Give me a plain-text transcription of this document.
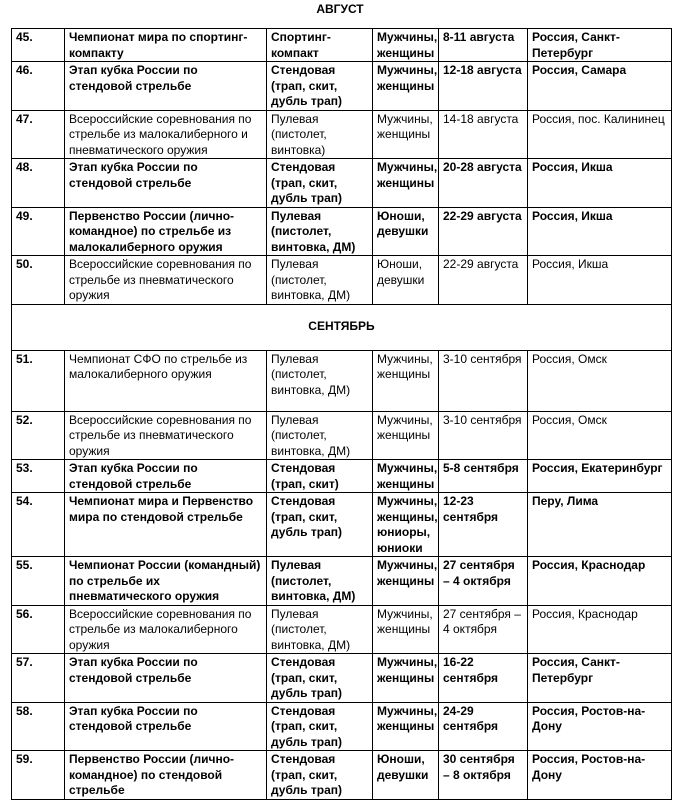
АВГУСТ
45.	Чемпионат мира по спортинг-компакту	Спортинг-компакт	Мужчины, женщины	8-11 августа	Россия, Санкт-Петербург
46.	Этап кубка России по стендовой стрельбе	Стендовая (трап, скит, дубль трап)	Мужчины, женщины	12-18 августа	Россия, Самара
47.	Всероссийские соревнования по стрельбе из малокалиберного и пневматического оружия	Пулевая (пистолет, винтовка)	Мужчины, женщины	14-18 августа	Россия, пос. Калининец
48.	Этап кубка России по стендовой стрельбе	Стендовая (трап, скит, дубль трап)	Мужчины, женщины	20-28 августа	Россия, Икша
49.	Первенство России (лично-командное) по стрельбе из малокалиберного оружия	Пулевая (пистолет, винтовка, ДМ)	Юноши, девушки	22-29 августа	Россия, Икша
50.	Всероссийские соревнования по стрельбе из пневматического оружия	Пулевая (пистолет, винтовка, ДМ)	Юноши, девушки	22-29 августа	Россия, Икша
СЕНТЯБРЬ					
51.	Чемпионат СФО по стрельбе из малокалиберного оружия	Пулевая (пистолет, винтовка, ДМ)	Мужчины, женщины	3-10 сентября	Россия, Омск
52.	Всероссийские соревнования по стрельбе из пневматического оружия	Пулевая (пистолет, винтовка, ДМ)	Мужчины, женщины	3-10 сентября	Россия, Омск
53.	Этап кубка России по стендовой стрельбе	Стендовая (трап, скит)	Мужчины, женщины	5-8 сентября	Россия, Екатеринбург
54.	Чемпионат мира и Первенство мира по стендовой стрельбе	Стендовая (трап, скит, дубль трап)	Мужчины, женщины, юниоры, юниоки	12-23 сентября	Перу, Лима
55.	Чемпионат России (командный) по стрельбе их пневматического оружия	Пулевая (пистолет, винтовка, ДМ)	Мужчины, женщины	27 сентября – 4 октября	Россия, Краснодар
56.	Всероссийские соревнования по стрельбе из малокалиберного оружия	Пулевая (пистолет, винтовка, ДМ)	Мужчины, женщины	27 сентября – 4 октября	Россия, Краснодар
57.	Этап кубка России по стендовой стрельбе	Стендовая (трап, скит, дубль трап)	Мужчины, женщины	16-22 сентября	Россия, Санкт-Петербург
58.	Этап кубка России по стендовой стрельбе	Стендовая (трап, скит, дубль трап)	Мужчины, женщины	24-29 сентября	Россия, Ростов-на-Дону
59.	Первенство России (лично-командное) по стендовой стрельбе	Стендовая (трап, скит, дубль трап)	Юноши, девушки	30 сентября – 8 октября	Россия, Ростов-на-Дону
